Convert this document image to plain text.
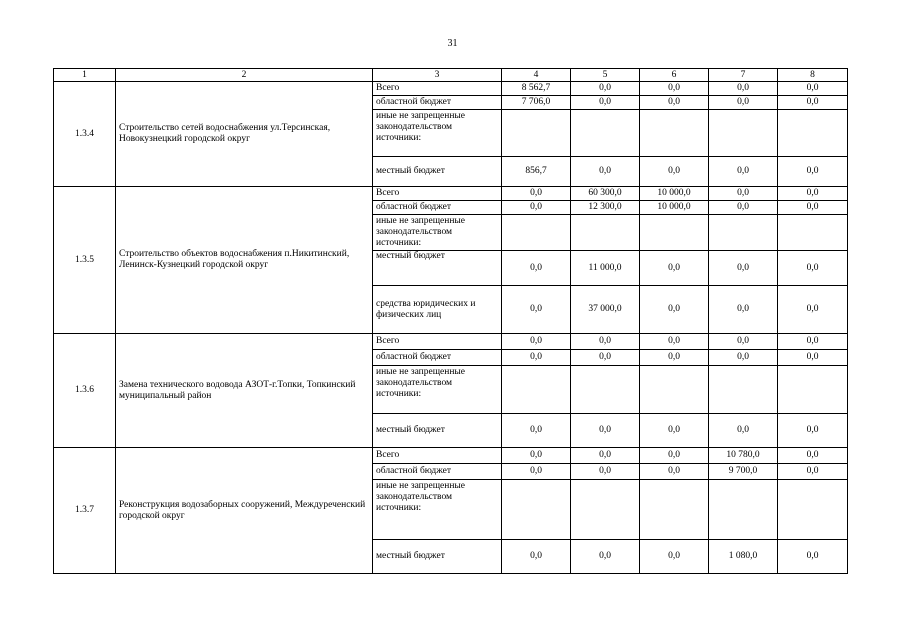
31
1	2	3	4	5	6	7	8
1.3.4	Строительство сетей водоснабжения ул.Терсинская, Новокузнецкий городской округ	Всего	8 562,7	0,0	0,0	0,0	0,0
		областной бюджет	7 706,0	0,0	0,0	0,0	0,0
		иные не запрещенные законодательством источники:					
		местный бюджет	856,7	0,0	0,0	0,0	0,0
1.3.5	Строительство объектов водоснабжения п.Никитинский, Ленинск-Кузнецкий городской округ	Всего	0,0	60 300,0	10 000,0	0,0	0,0
		областной бюджет	0,0	12 300,0	10 000,0	0,0	0,0
		иные не запрещенные законодательством источники:					
		местный бюджет	0,0	11 000,0	0,0	0,0	0,0
		средства юридических и физических лиц	0,0	37 000,0	0,0	0,0	0,0
1.3.6	Замена технического водовода АЗОТ-г.Топки, Топкинский муниципальный район	Всего	0,0	0,0	0,0	0,0	0,0
		областной бюджет	0,0	0,0	0,0	0,0	0,0
		иные не запрещенные законодательством источники:					
		местный бюджет	0,0	0,0	0,0	0,0	0,0
1.3.7	Реконструкция водозаборных сооружений, Междуреченский городской округ	Всего	0,0	0,0	0,0	10 780,0	0,0
		областной бюджет	0,0	0,0	0,0	9 700,0	0,0
		иные не запрещенные законодательством источники:					
		местный бюджет	0,0	0,0	0,0	1 080,0	0,0
